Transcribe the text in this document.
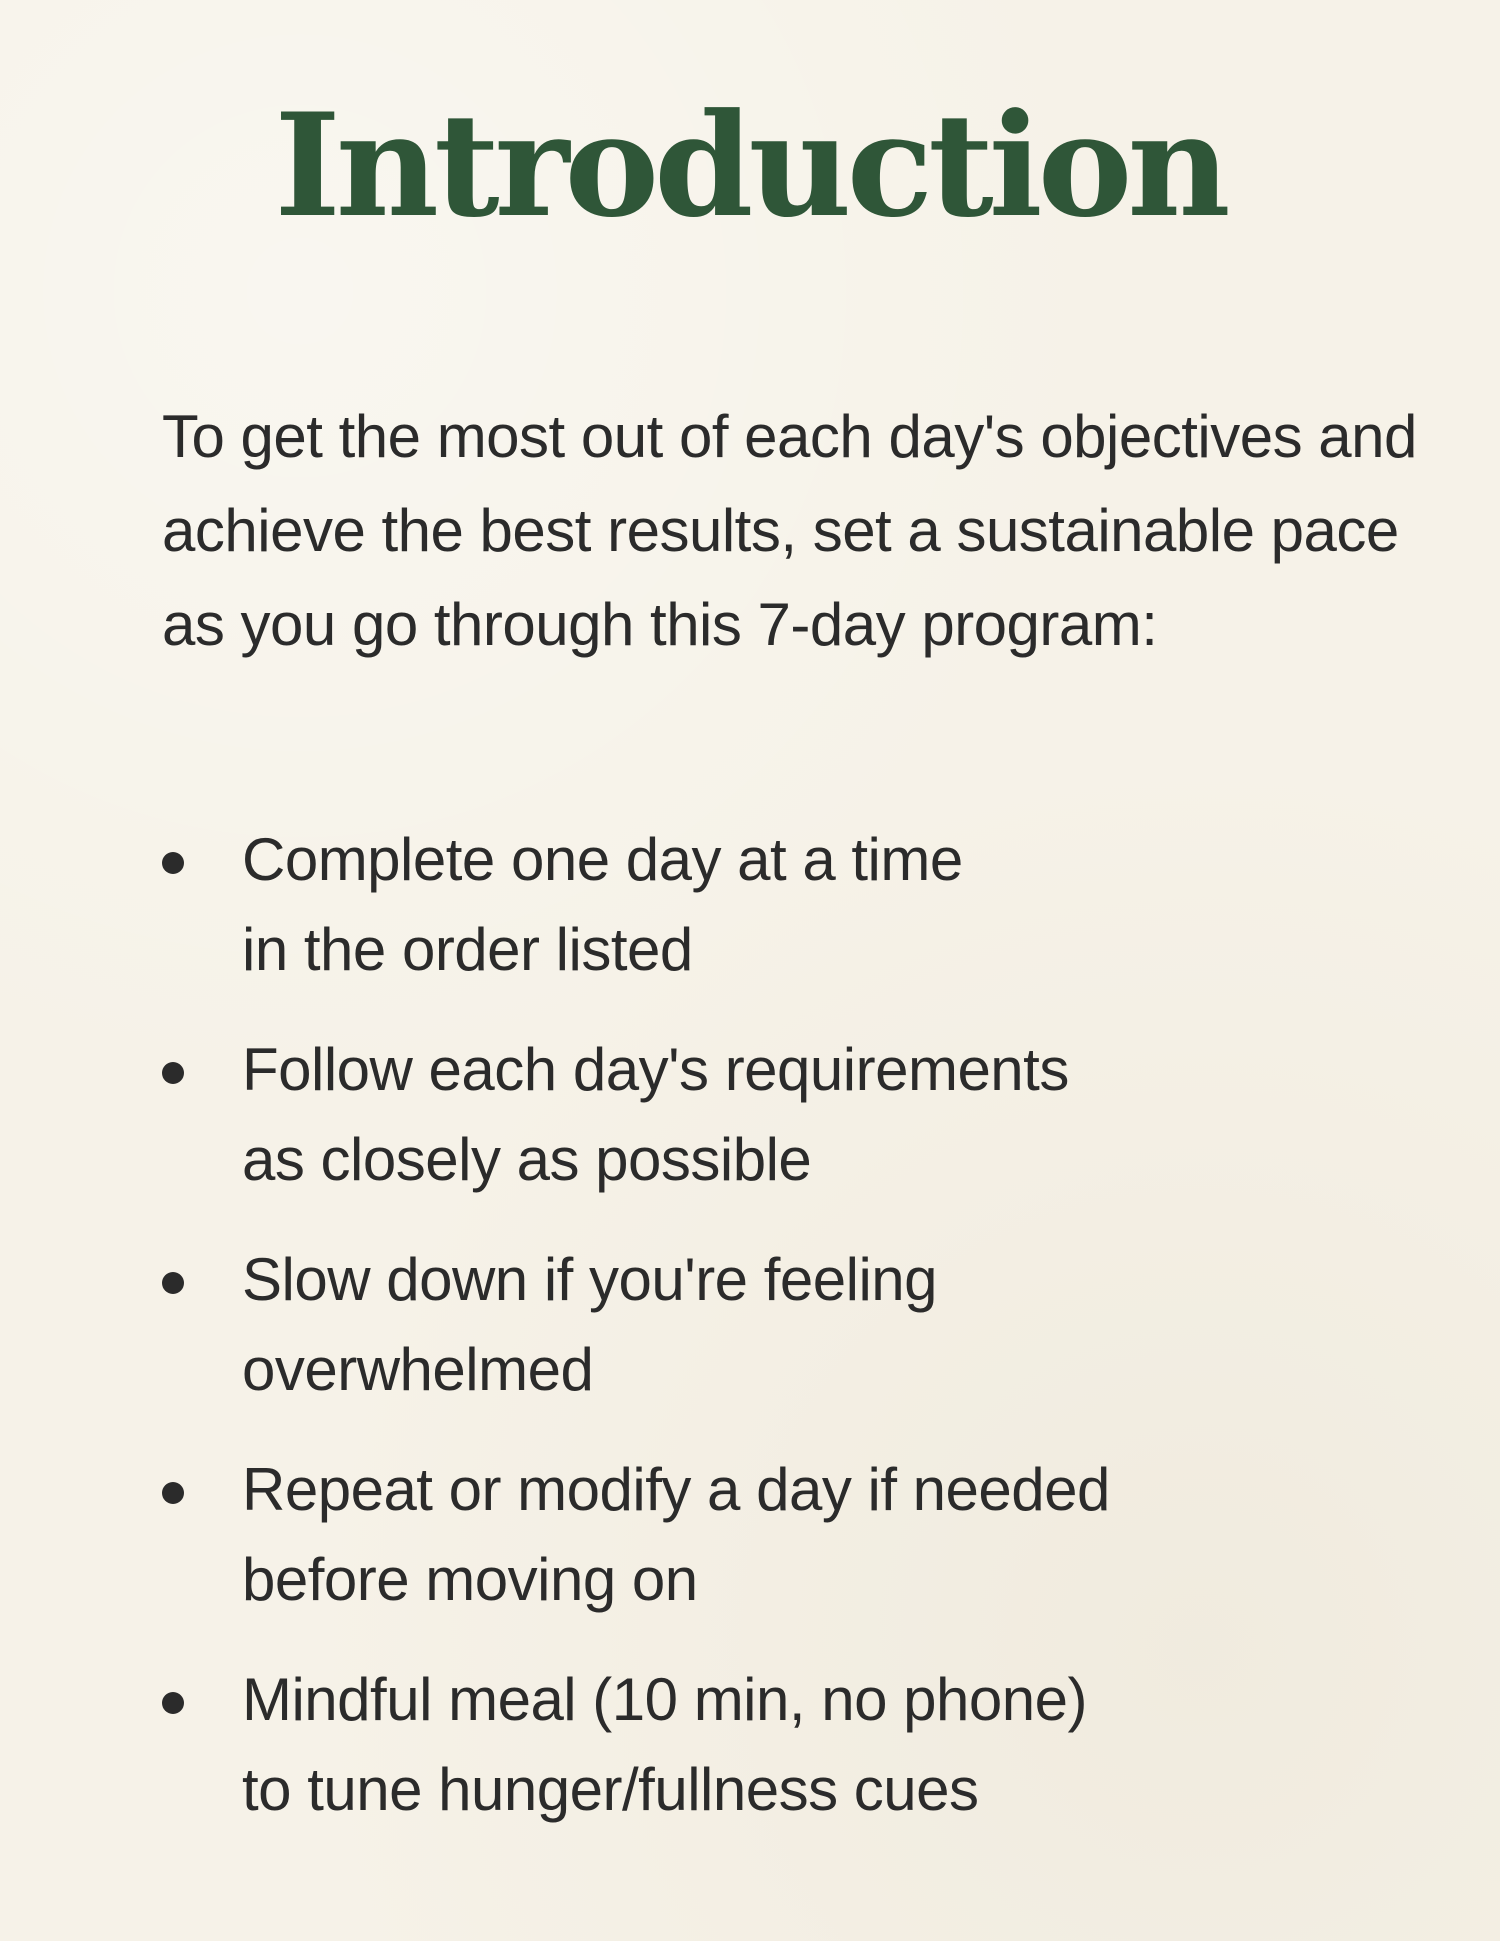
Introduction

To get the most out of each day's objectives and achieve the best results, set a sustainable pace as you go through this 7-day program:

Complete one day at a time
in the order listed
Follow each day's requirements
as closely as possible
Slow down if you're feeling
overwhelmed
Repeat or modify a day if needed
before moving on
Mindful meal (10 min, no phone)
to tune hunger/fullness cues
